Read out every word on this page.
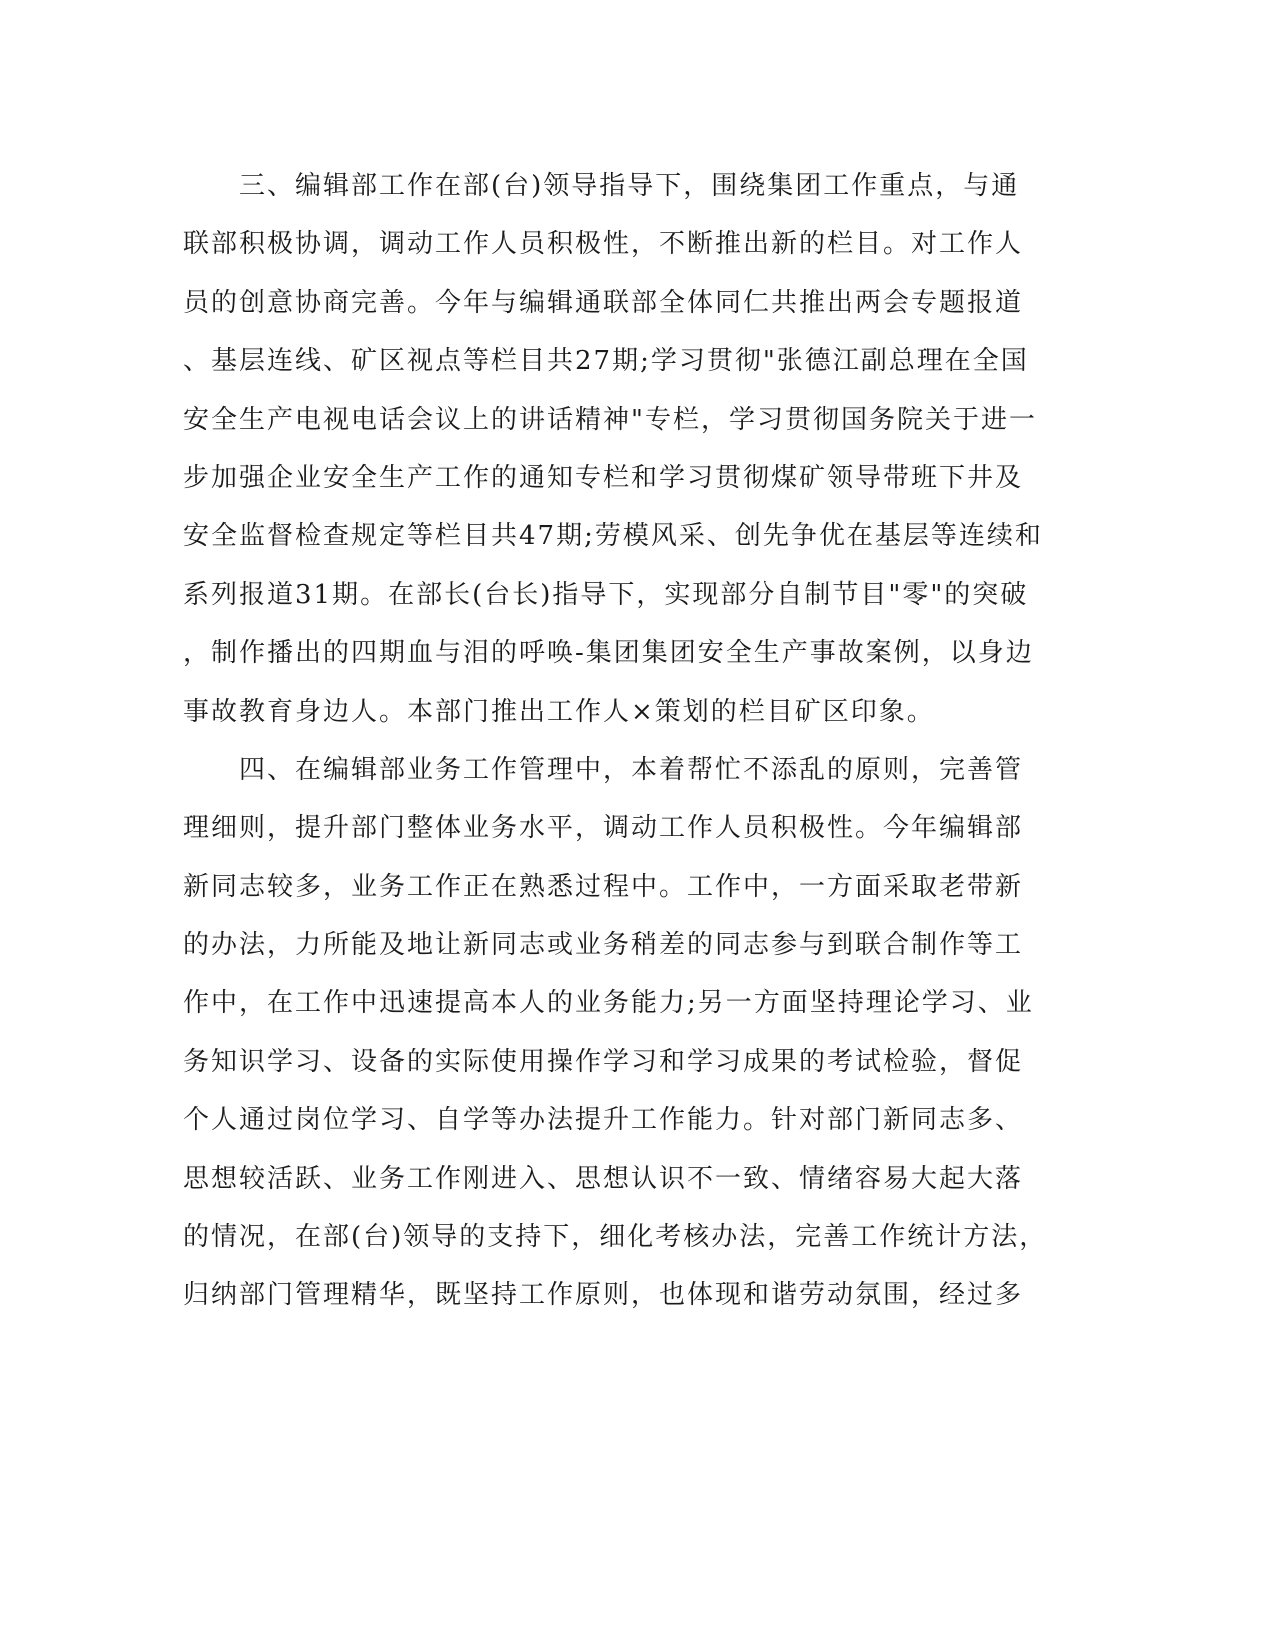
　　三、编辑部工作在部(台)领导指导下，围绕集团工作重点，与通
联部积极协调，调动工作人员积极性，不断推出新的栏目。对工作人
员的创意协商完善。今年与编辑通联部全体同仁共推出两会专题报道
、基层连线、矿区视点等栏目共27期;学习贯彻"张德江副总理在全国
安全生产电视电话会议上的讲话精神"专栏，学习贯彻国务院关于进一
步加强企业安全生产工作的通知专栏和学习贯彻煤矿领导带班下井及
安全监督检查规定等栏目共47期;劳模风采、创先争优在基层等连续和
系列报道31期。在部长(台长)指导下，实现部分自制节目"零"的突破
，制作播出的四期血与泪的呼唤-集团集团安全生产事故案例，以身边
事故教育身边人。本部门推出工作人×策划的栏目矿区印象。
　　四、在编辑部业务工作管理中，本着帮忙不添乱的原则，完善管
理细则，提升部门整体业务水平，调动工作人员积极性。今年编辑部
新同志较多，业务工作正在熟悉过程中。工作中，一方面采取老带新
的办法，力所能及地让新同志或业务稍差的同志参与到联合制作等工
作中，在工作中迅速提高本人的业务能力;另一方面坚持理论学习、业
务知识学习、设备的实际使用操作学习和学习成果的考试检验，督促
个人通过岗位学习、自学等办法提升工作能力。针对部门新同志多、
思想较活跃、业务工作刚进入、思想认识不一致、情绪容易大起大落
的情况，在部(台)领导的支持下，细化考核办法，完善工作统计方法，
归纳部门管理精华，既坚持工作原则，也体现和谐劳动氛围，经过多
